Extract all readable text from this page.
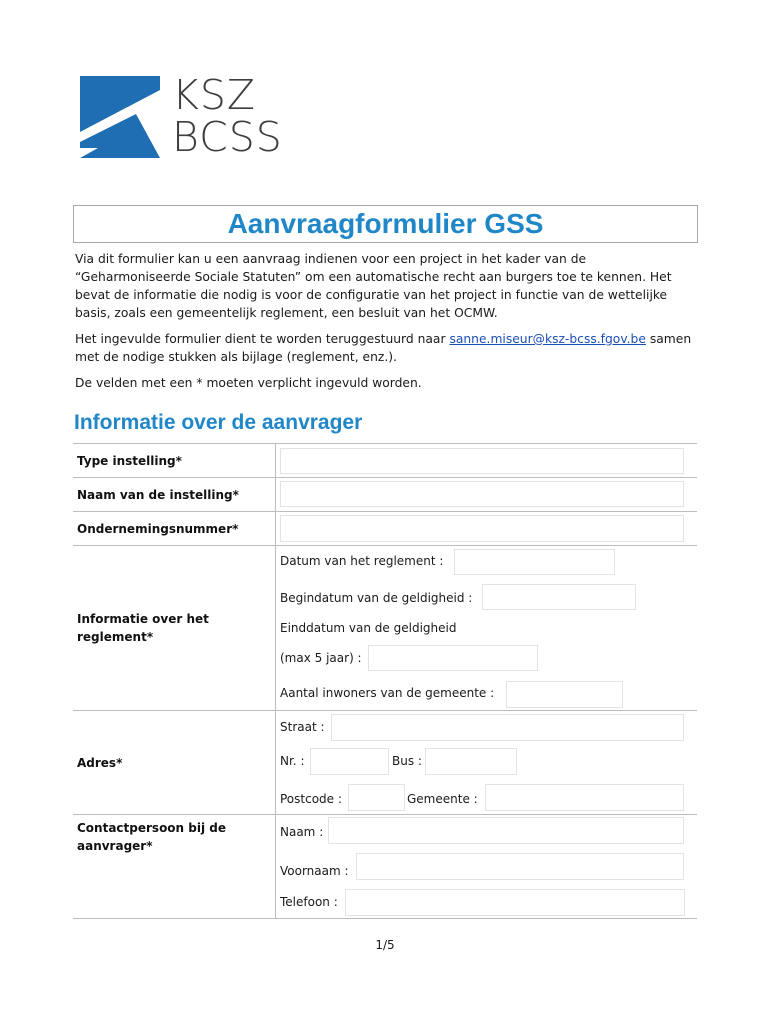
KSZ
BCSS
Aanvraagformulier GSS

Via dit formulier kan u een aanvraag indienen voor een project in het kader van de “Geharmoniseerde Sociale Statuten” om een automatische recht aan burgers toe te kennen. Het bevat de informatie die nodig is voor de configuratie van het project in functie van de wettelijke basis, zoals een gemeentelijk reglement, een besluit van het OCMW.

Het ingevulde formulier dient te worden teruggestuurd naar sanne.miseur@ksz-bcss.fgov.be samen met de nodige stukken als bijlage (reglement, enz.).

De velden met een * moeten verplicht ingevuld worden.

Informatie over de aanvrager
Type instelling*
Naam van de instelling*
Ondernemingsnummer*
Informatie over het reglement*
Datum van het reglement :
Begindatum van de geldigheid :
Einddatum van de geldigheid
(max 5 jaar) :
Aantal inwoners van de gemeente :
Adres*
Straat :
Nr. :	Bus :
Postcode :	Gemeente :
Contactpersoon bij de aanvrager*
Naam :
Voornaam :
Telefoon :
1/5
